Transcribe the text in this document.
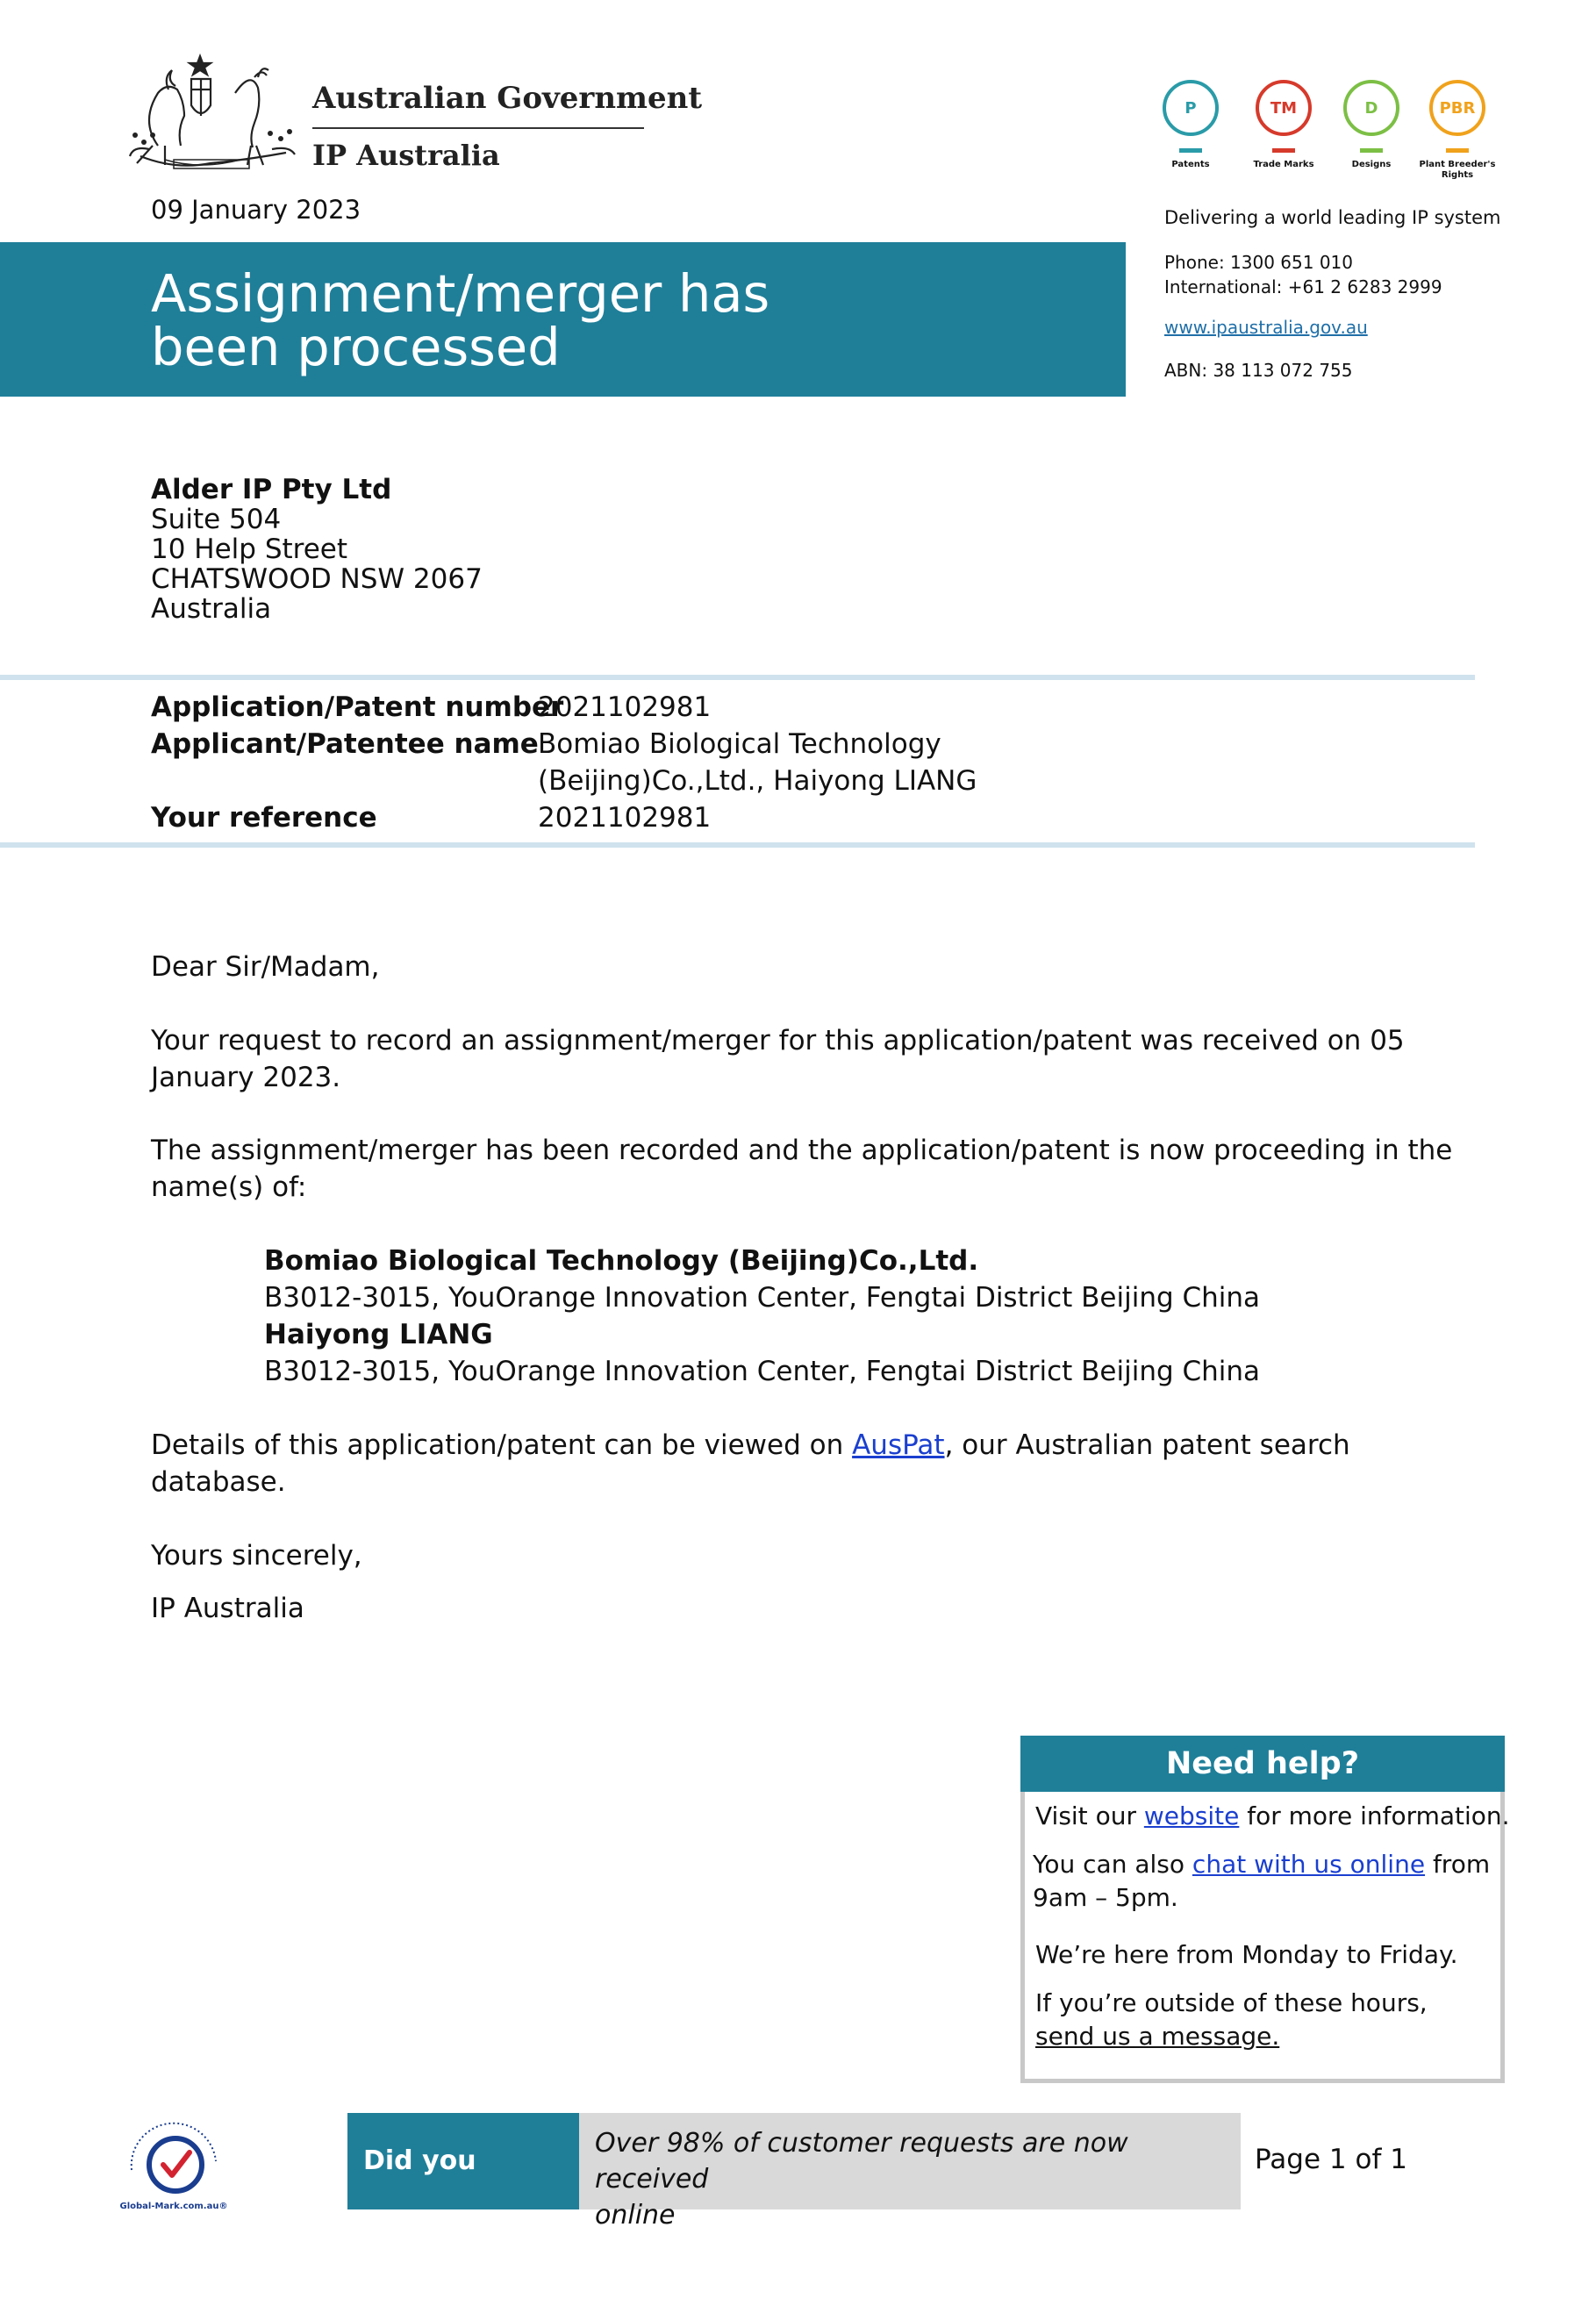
Australian Government
IP Australia
09 January 2023
Assignment/merger has
been processed
P
Patents
TM
Trade Marks
D
Designs
PBR
Plant Breeder's
Rights
Delivering a world leading IP system
Phone: 1300 651 010
International: +61 2 6283 2999
www.ipaustralia.gov.au
ABN: 38 113 072 755
Alder IP Pty Ltd
Suite 504
10 Help Street
CHATSWOOD NSW 2067
Australia
Application/Patent number
2021102981
Applicant/Patentee name Bomiao Biological Technology
(Beijing)Co.,Ltd., Haiyong LIANG
Your reference	2021102981
Dear Sir/Madam,
Your request to record an assignment/merger for this application/patent was received on 05 January 2023.
The assignment/merger has been recorded and the application/patent is now proceeding in the name(s) of:
Bomiao Biological Technology (Beijing)Co.,Ltd.
B3012-3015, YouOrange Innovation Center, Fengtai District Beijing China
Haiyong LIANG
B3012-3015, YouOrange Innovation Center, Fengtai District Beijing China
Details of this application/patent can be viewed on AusPat, our Australian patent search database.
Yours sincerely,
IP Australia
Need help?
Visit our website for more information.
You can also chat with us online from
9am – 5pm.
We’re here from Monday to Friday.
If you’re outside of these hours,
send us a message.
Global-Mark.com.au®
Did you know?
Over 98% of customer requests are now received
online
Page 1 of 1
